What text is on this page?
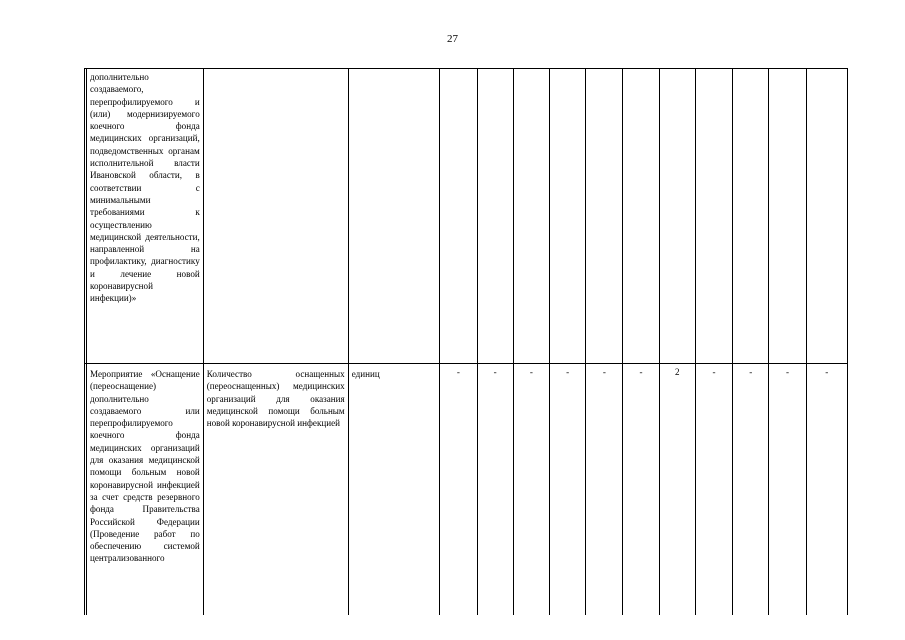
27
	дополнительно создаваемого, перепрофилируемого и (или) модернизируемого коечного фонда медицинских организаций, подведомственных органам исполнительной власти Ивановской области, в соответствии с минимальными требованиями к осуществлению медицинской деятельности, направленной на профилактику, диагностику и лечение новой коронавирусной инфекции)»													
	Мероприятие «Оснащение (переоснащение) дополнительно создаваемого или перепрофилируемого коечного фонда медицинских организаций для оказания медицинской помощи больным новой коронавирусной инфекцией за счет средств резервного фонда Правительства Российской Федерации (Проведение работ по обеспечению системой централизованного	Количество оснащенных (переоснащенных) медицинских организаций для оказания медицинской помощи больным новой коронавирусной инфекцией	единиц	-	-	-	-	-	-	2	-	-	-	-
